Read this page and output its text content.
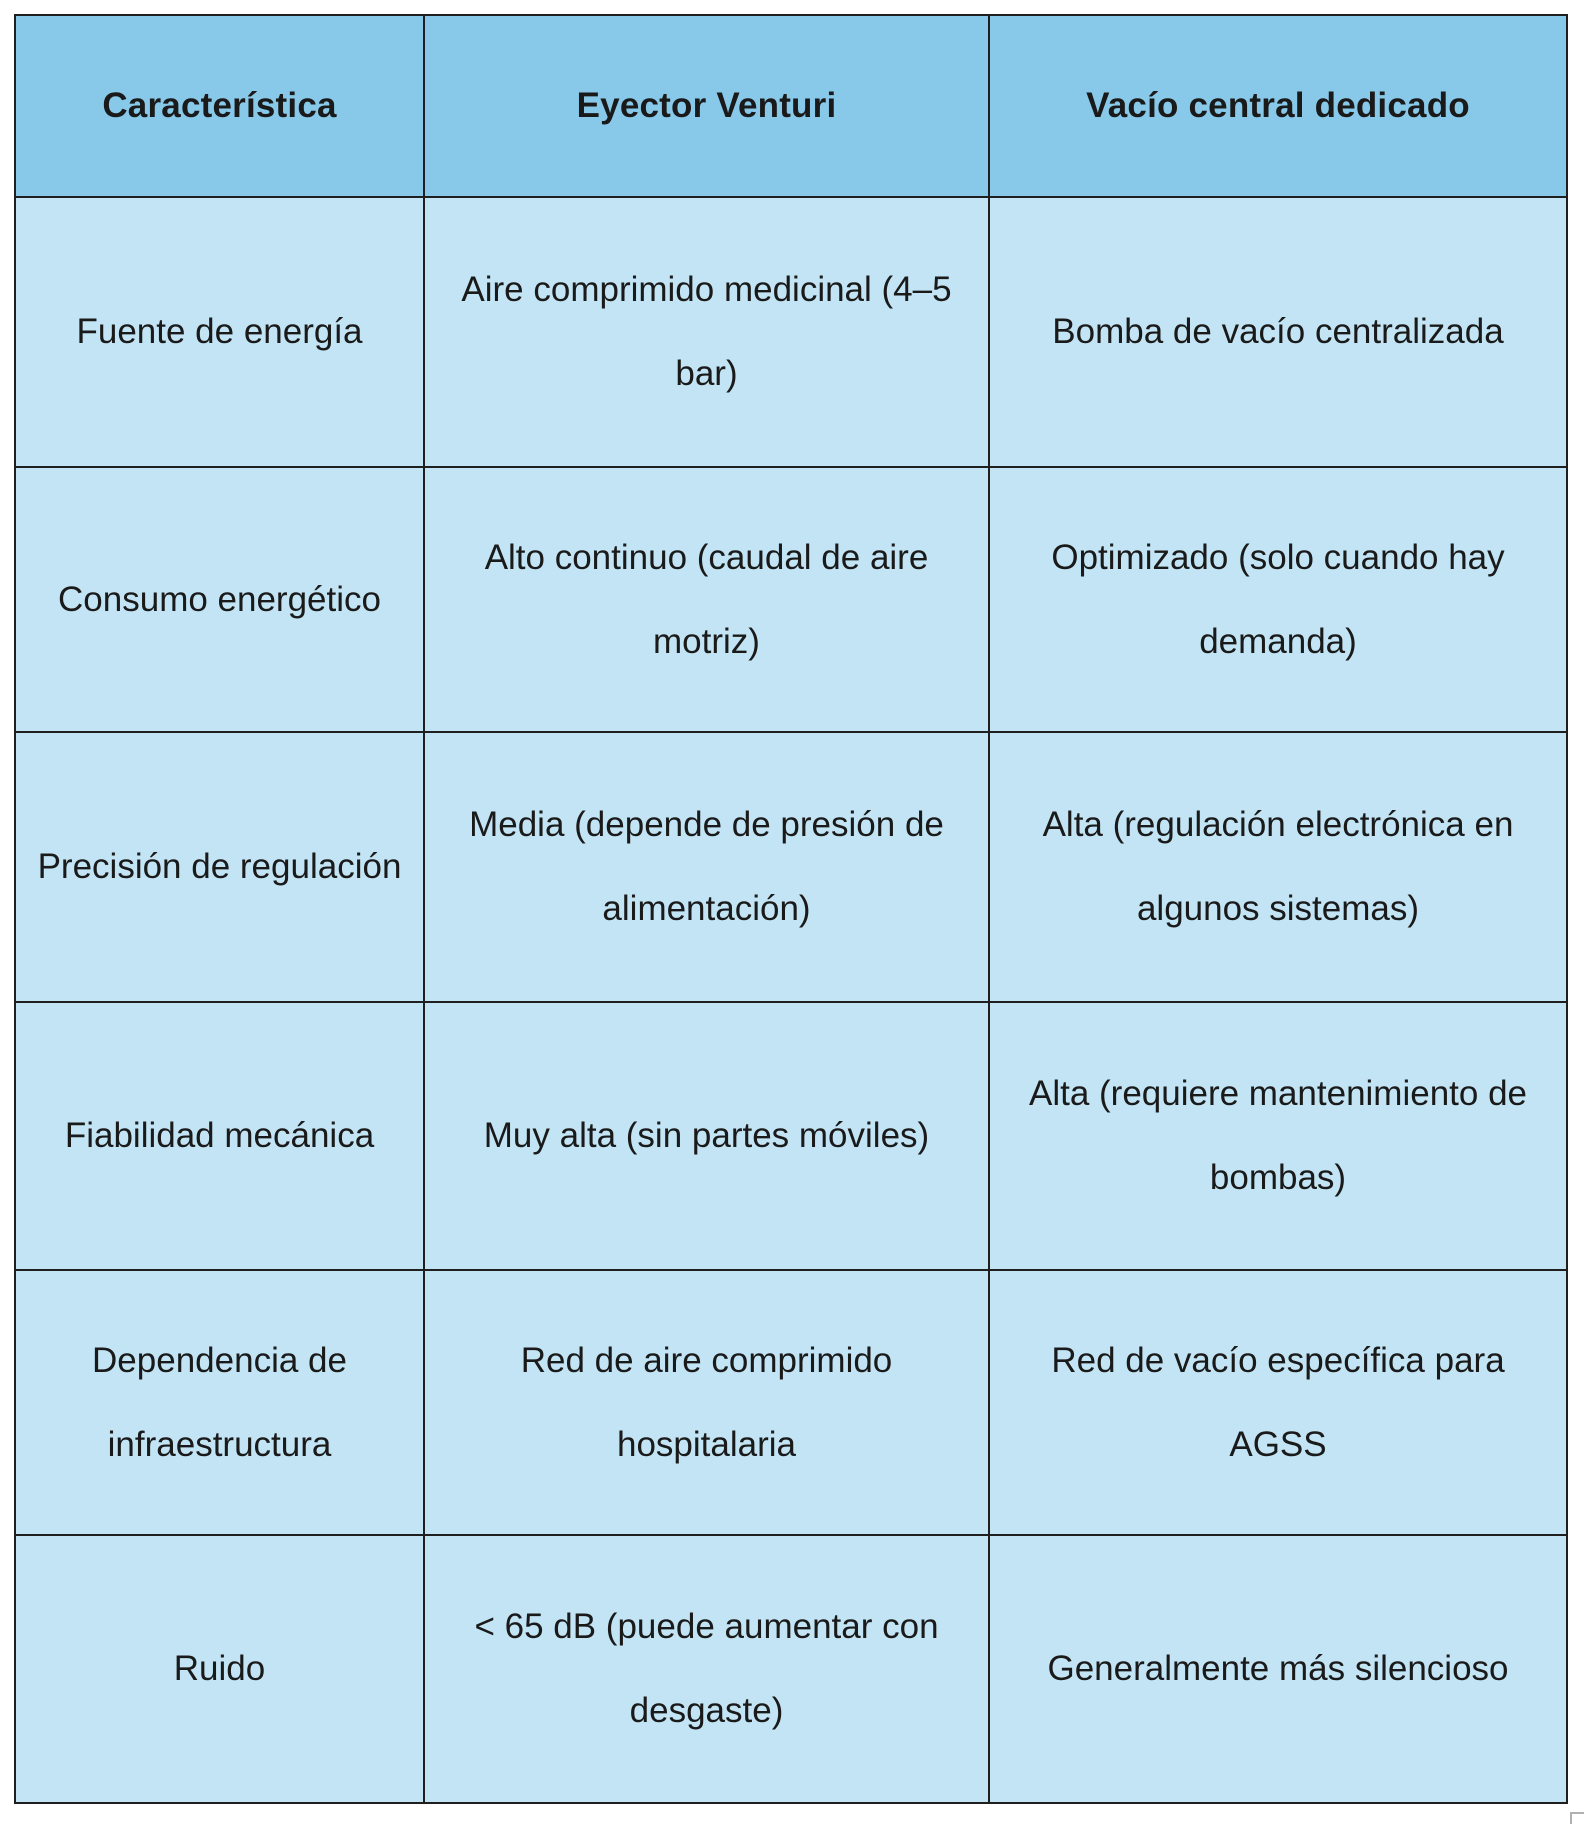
Característica	Eyector Venturi	Vacío central dedicado
Fuente de energía	Aire comprimido medicinal (4–5 bar)	Bomba de vacío centralizada
Consumo energético	Alto continuo (caudal de aire motriz)	Optimizado (solo cuando hay demanda)
Precisión de regulación	Media (depende de presión de alimentación)	Alta (regulación electrónica en algunos sistemas)
Fiabilidad mecánica	Muy alta (sin partes móviles)	Alta (requiere mantenimiento de bombas)
Dependencia de infraestructura	Red de aire comprimido hospitalaria	Red de vacío específica para AGSS
Ruido	< 65 dB (puede aumentar con desgaste)	Generalmente más silencioso
